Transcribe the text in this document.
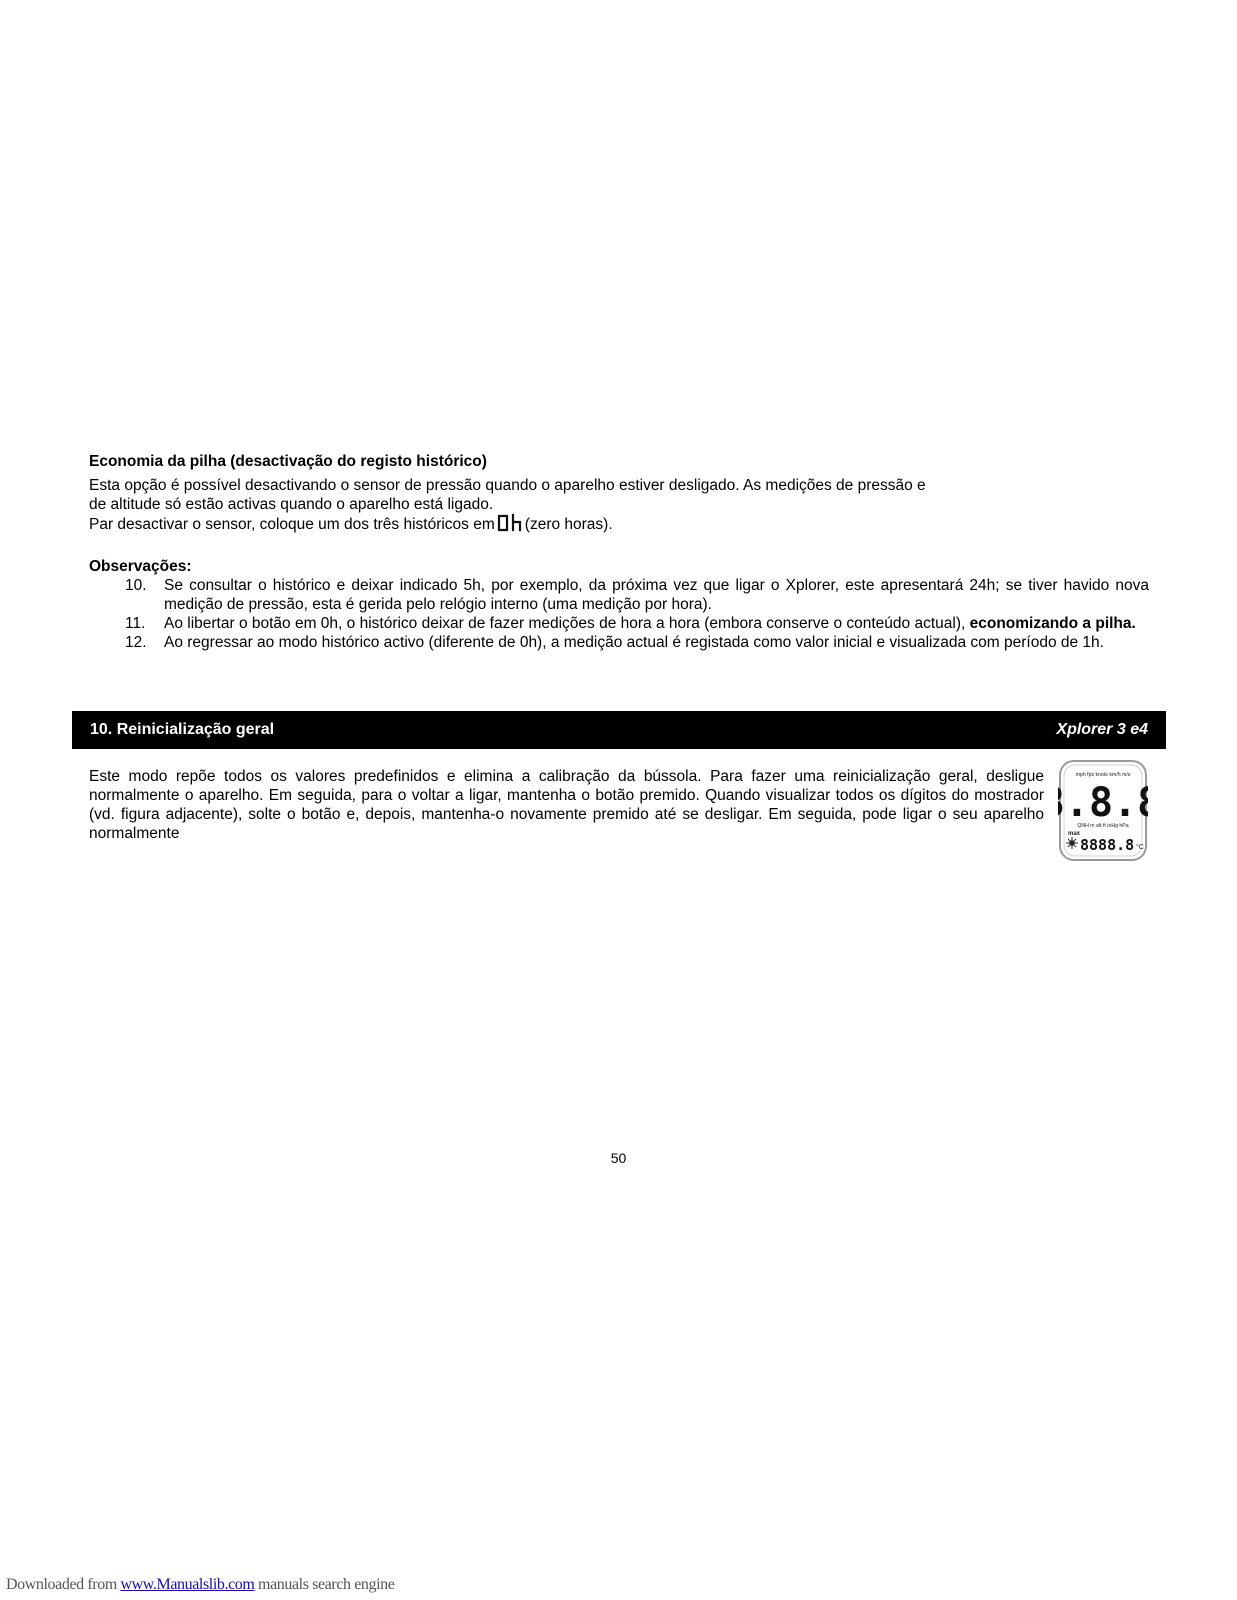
Economia da pilha (desactivação do registo histórico)

Esta opção é possível desactivando o sensor de pressão quando o aparelho estiver desligado. As medições de pressão e
de altitude só estão activas quando o aparelho está ligado.
Par desactivar o sensor, coloque um dos três históricos em (zero horas).
Observações:
10. Se consultar o histórico e deixar indicado 5h, por exemplo, da próxima vez que ligar o Xplorer, este apresentará 24h; se tiver havido nova medição de pressão, esta é gerida pelo relógio interno (uma medição por hora).
11. Ao libertar o botão em 0h, o histórico deixar de fazer medições de hora a hora (embora conserve o conteúdo actual), economizando a pilha.
12. Ao regressar ao modo histórico activo (diferente de 0h), a medição actual é registada como valor inicial e visualizada com período de 1h.
10. Reinicialização geral	Xplorer 3 e4
Este modo repõe todos os valores predefinidos e elimina a calibração da bússola. Para fazer uma reinicialização geral, desligue normalmente o aparelho. Em seguida, para o voltar a ligar, mantenha o botão premido. Quando visualizar todos os dígitos do mostrador (vd. figura adjacente), solte o botão e, depois, mantenha-o novamente premido até se desligar. Em seguida, pode ligar o seu aparelho normalmente
mph fps knots km/h m/s
.8.
QNH m alt ft inHg hPa
max
8888.8 °C
50
Downloaded from www.Manualslib.com manuals search engine
